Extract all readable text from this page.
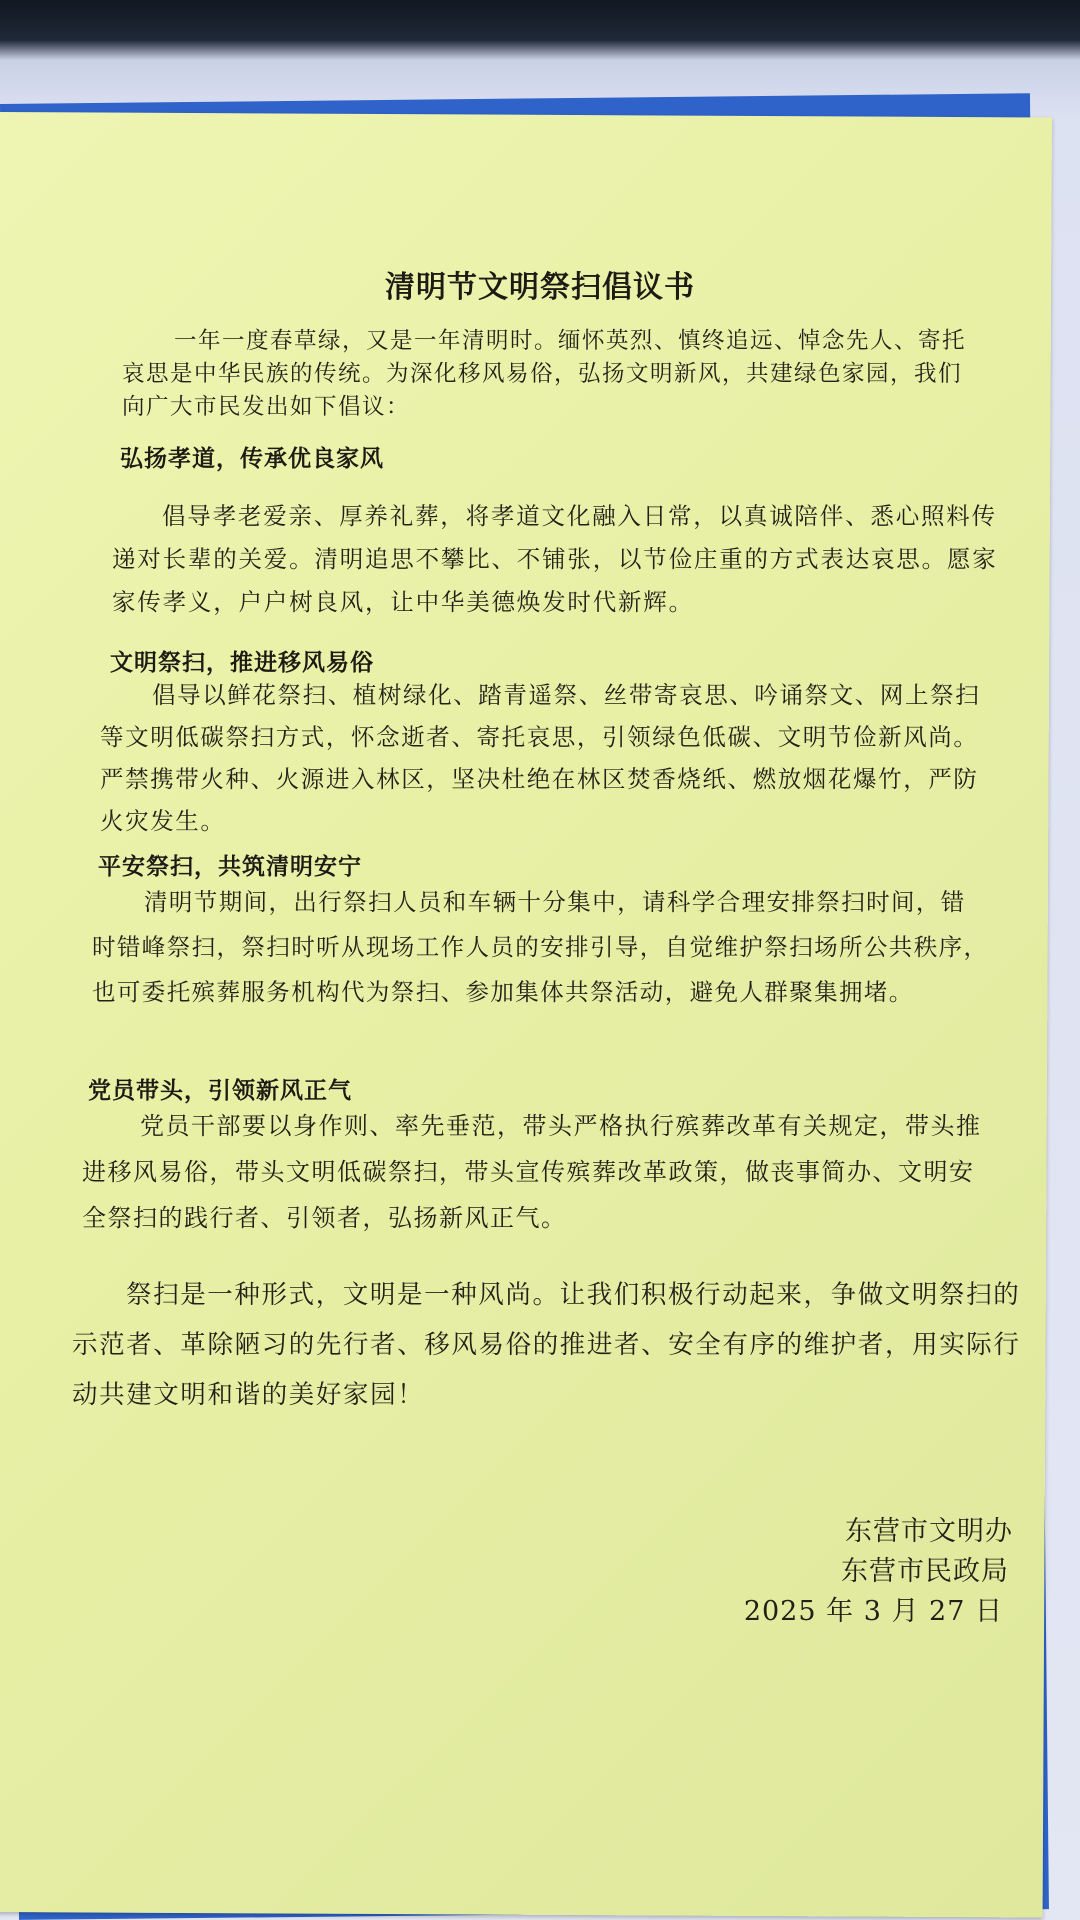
清明节文明祭扫倡议书
一年一度春草绿，又是一年清明时。缅怀英烈、慎终追远、悼念先人、寄托
哀思是中华民族的传统。为深化移风易俗，弘扬文明新风，共建绿色家园，我们
向广大市民发出如下倡议：
弘扬孝道，传承优良家风
倡导孝老爱亲、厚养礼葬，将孝道文化融入日常，以真诚陪伴、悉心照料传
递对长辈的关爱。清明追思不攀比、不铺张，以节俭庄重的方式表达哀思。愿家
家传孝义，户户树良风，让中华美德焕发时代新辉。
文明祭扫，推进移风易俗
倡导以鲜花祭扫、植树绿化、踏青遥祭、丝带寄哀思、吟诵祭文、网上祭扫
等文明低碳祭扫方式，怀念逝者、寄托哀思，引领绿色低碳、文明节俭新风尚。
严禁携带火种、火源进入林区，坚决杜绝在林区焚香烧纸、燃放烟花爆竹，严防
火灾发生。
平安祭扫，共筑清明安宁
清明节期间，出行祭扫人员和车辆十分集中，请科学合理安排祭扫时间，错
时错峰祭扫，祭扫时听从现场工作人员的安排引导，自觉维护祭扫场所公共秩序，
也可委托殡葬服务机构代为祭扫、参加集体共祭活动，避免人群聚集拥堵。
党员带头，引领新风正气
党员干部要以身作则、率先垂范，带头严格执行殡葬改革有关规定，带头推
进移风易俗，带头文明低碳祭扫，带头宣传殡葬改革政策，做丧事简办、文明安
全祭扫的践行者、引领者，弘扬新风正气。
祭扫是一种形式，文明是一种风尚。让我们积极行动起来，争做文明祭扫的
示范者、革除陋习的先行者、移风易俗的推进者、安全有序的维护者，用实际行
动共建文明和谐的美好家园！
东营市文明办
东营市民政局
2025 年 3 月 27 日
